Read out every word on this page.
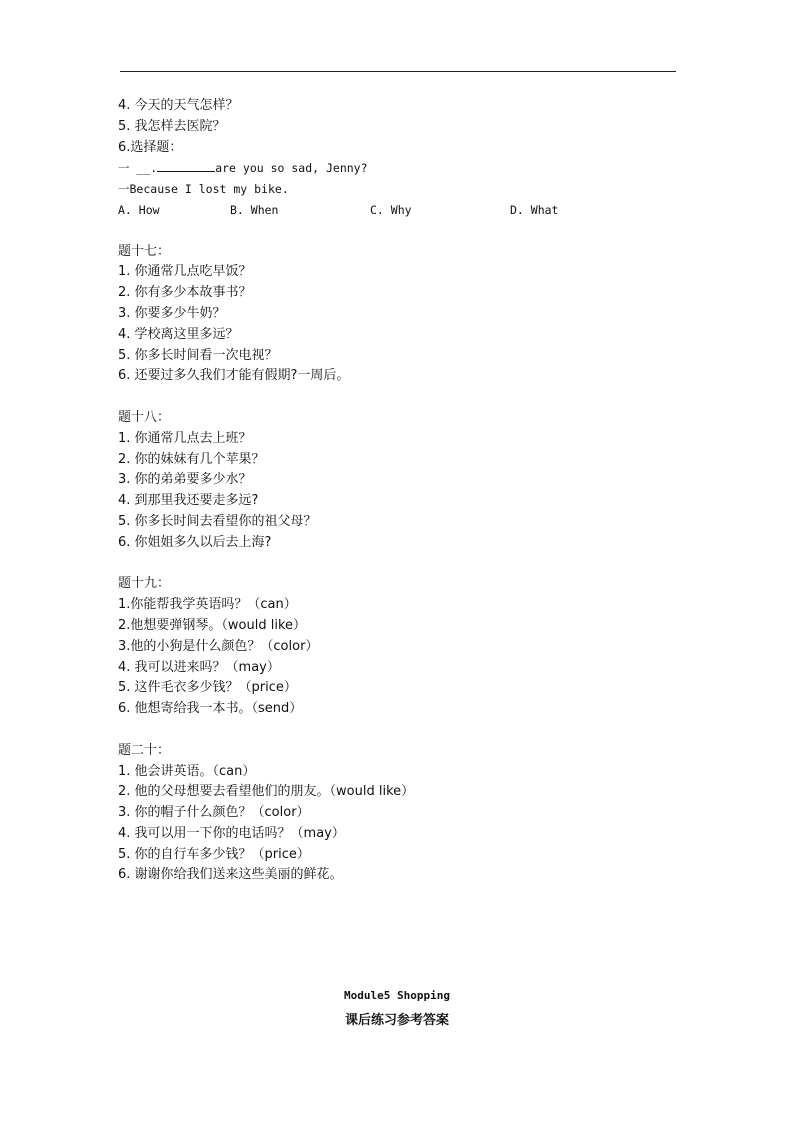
4. 今天的天气怎样？
5. 我怎样去医院？
6.选择题：
一 __.	are you so sad, Jenny?
一Because I lost my bike.
A. How	B. When	C. Why	D. What
题十七：
1. 你通常几点吃早饭？
2. 你有多少本故事书？
3. 你要多少牛奶？
4. 学校离这里多远？
5. 你多长时间看一次电视？
6. 还要过多久我们才能有假期?一周后。
题十八：
1. 你通常几点去上班？
2. 你的妹妹有几个苹果？
3. 你的弟弟要多少水？
4. 到那里我还要走多远?
5. 你多长时间去看望你的祖父母？
6. 你姐姐多久以后去上海?
题十九：
1.你能帮我学英语吗？（can）
2.他想要弹钢琴。（would like）
3.他的小狗是什么颜色？（color）
4. 我可以进来吗？（may）
5. 这件毛衣多少钱？（price）
6. 他想寄给我一本书。（send）
题二十：
1. 他会讲英语。（can）
2. 他的父母想要去看望他们的朋友。（would like）
3. 你的帽子什么颜色？（color）
4. 我可以用一下你的电话吗？（may）
5. 你的自行车多少钱？（price）
6. 谢谢你给我们送来这些美丽的鲜花。
Module5 Shopping
课后练习参考答案
